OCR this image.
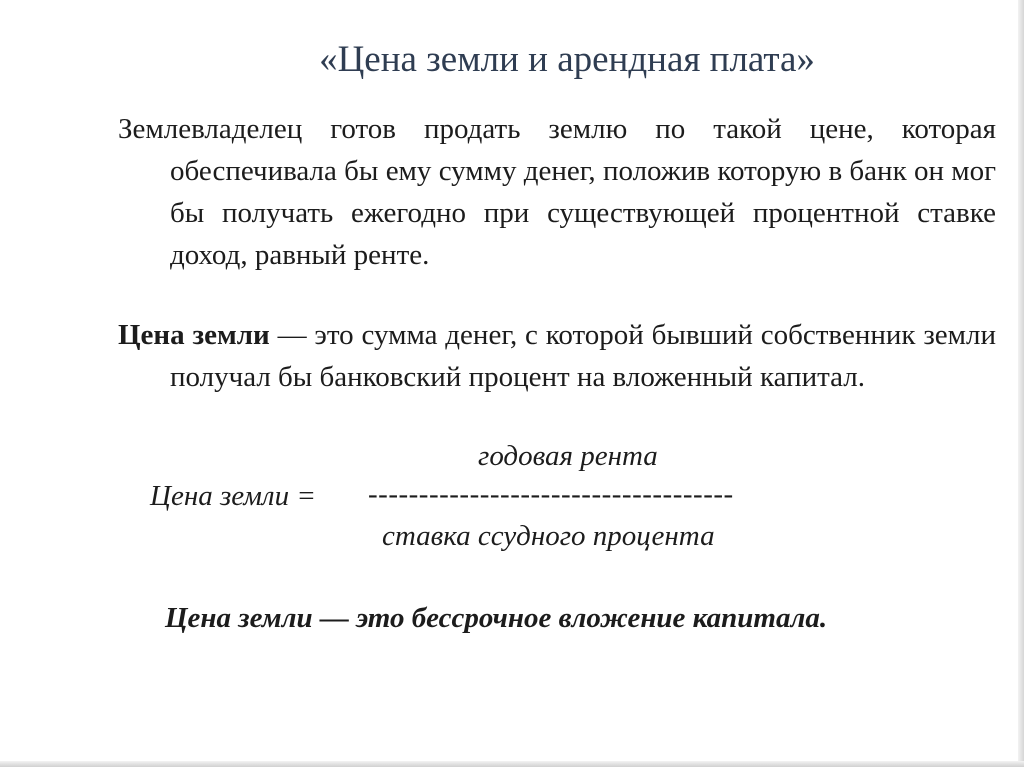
«Цена земли и арендная плата»
Землевладелец готов продать землю по такой цене, которая обеспечивала бы ему сумму денег, положив которую в банк он мог бы получать ежегодно при существующей процентной ставке доход, равный ренте.
Цена земли — это сумма денег, с которой бывший собственник земли получал бы банковский процент на вложенный капитал.
годовая рента
Цена земли = ------------------------------------
ставка ссудного процента
Цена земли — это бессрочное вложение капитала.
